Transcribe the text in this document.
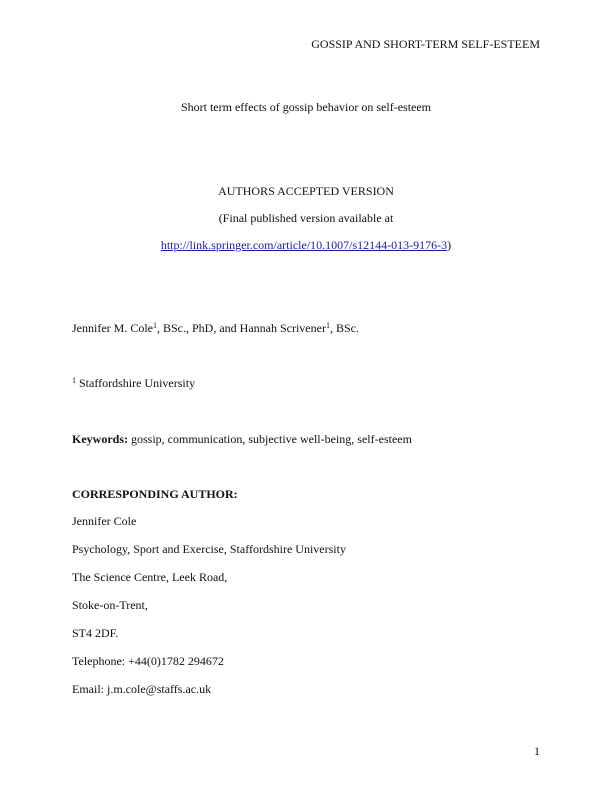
GOSSIP AND SHORT-TERM SELF-ESTEEM
Short term effects of gossip behavior on self-esteem
AUTHORS ACCEPTED VERSION
(Final published version available at
http://link.springer.com/article/10.1007/s12144-013-9176-3)
Jennifer M. Cole$^1$, BSc., PhD, and Hannah Scrivener$^1$, BSc.
$^1$ Staffordshire University
Keywords: gossip, communication, subjective well-being, self-esteem
CORRESPONDING AUTHOR:
Jennifer Cole
Psychology, Sport and Exercise, Staffordshire University
The Science Centre, Leek Road,
Stoke-on-Trent,
ST4 2DF.
Telephone: +44(0)1782 294672
Email: j.m.cole@staffs.ac.uk
1
